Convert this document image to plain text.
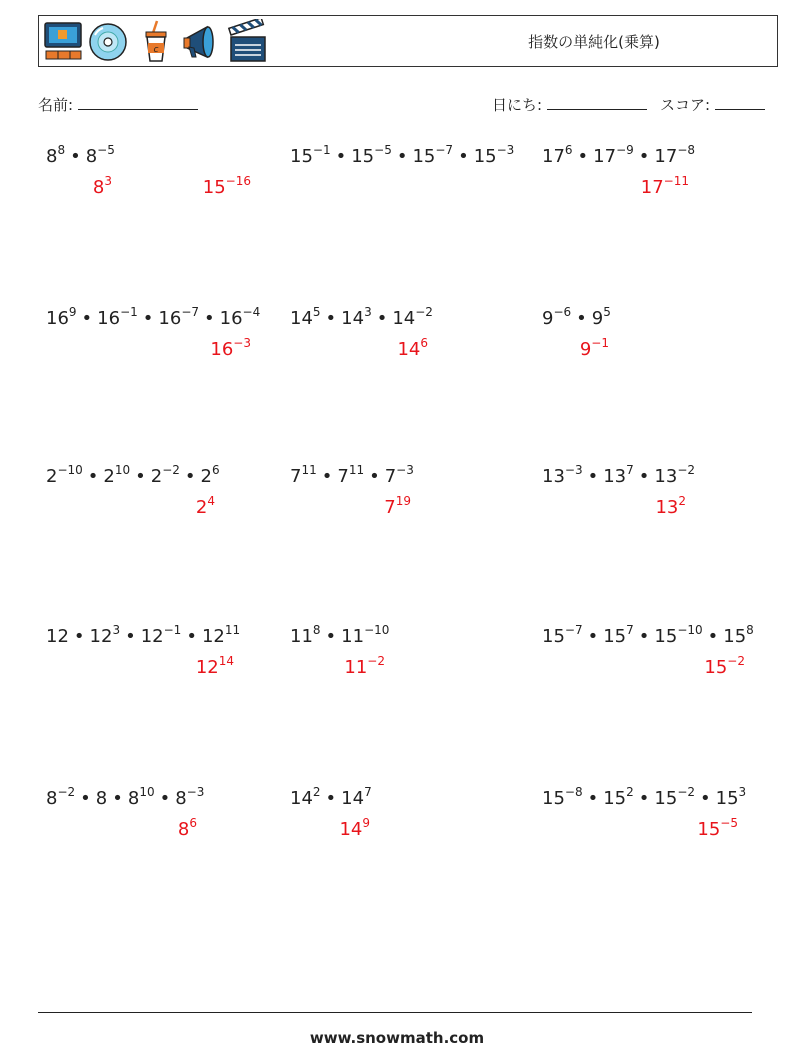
c	指数の単純化(乗算)
名前:	日にち:	スコア:
$8^8$ • $8^{-5}$
$8^3$
$15^{-1}$ • $15^{-5}$ • $15^{-7}$ • $15^{-3}$
$15^{-16}$
$17^6$ • $17^{-9}$ • $17^{-8}$
$17^{-11}$
$16^9$ • $16^{-1}$ • $16^{-7}$ • $16^{-4}$
$16^{-3}$
$14^5$ • $14^3$ • $14^{-2}$
$14^6$
$9^{-6}$ • $9^5$
$9^{-1}$
$2^{-10}$ • $2^{10}$ • $2^{-2}$ • $2^6$
$2^4$
$7^{11}$ • $7^{11}$ • $7^{-3}$
$7^{19}$
$13^{-3}$ • $13^7$ • $13^{-2}$
$13^2$
12 • $12^3$ • $12^{-1}$ • $12^{11}$
$12^{14}$
$11^8$ • $11^{-10}$
$11^{-2}$
$15^{-7}$ • $15^7$ • $15^{-10}$ • $15^8$
$15^{-2}$
$8^{-2}$ • 8 • $8^{10}$ • $8^{-3}$
$8^6$
$14^2$ • $14^7$
$14^9$
$15^{-8}$ • $15^2$ • $15^{-2}$ • $15^3$
$15^{-5}$
www.snowmath.com
